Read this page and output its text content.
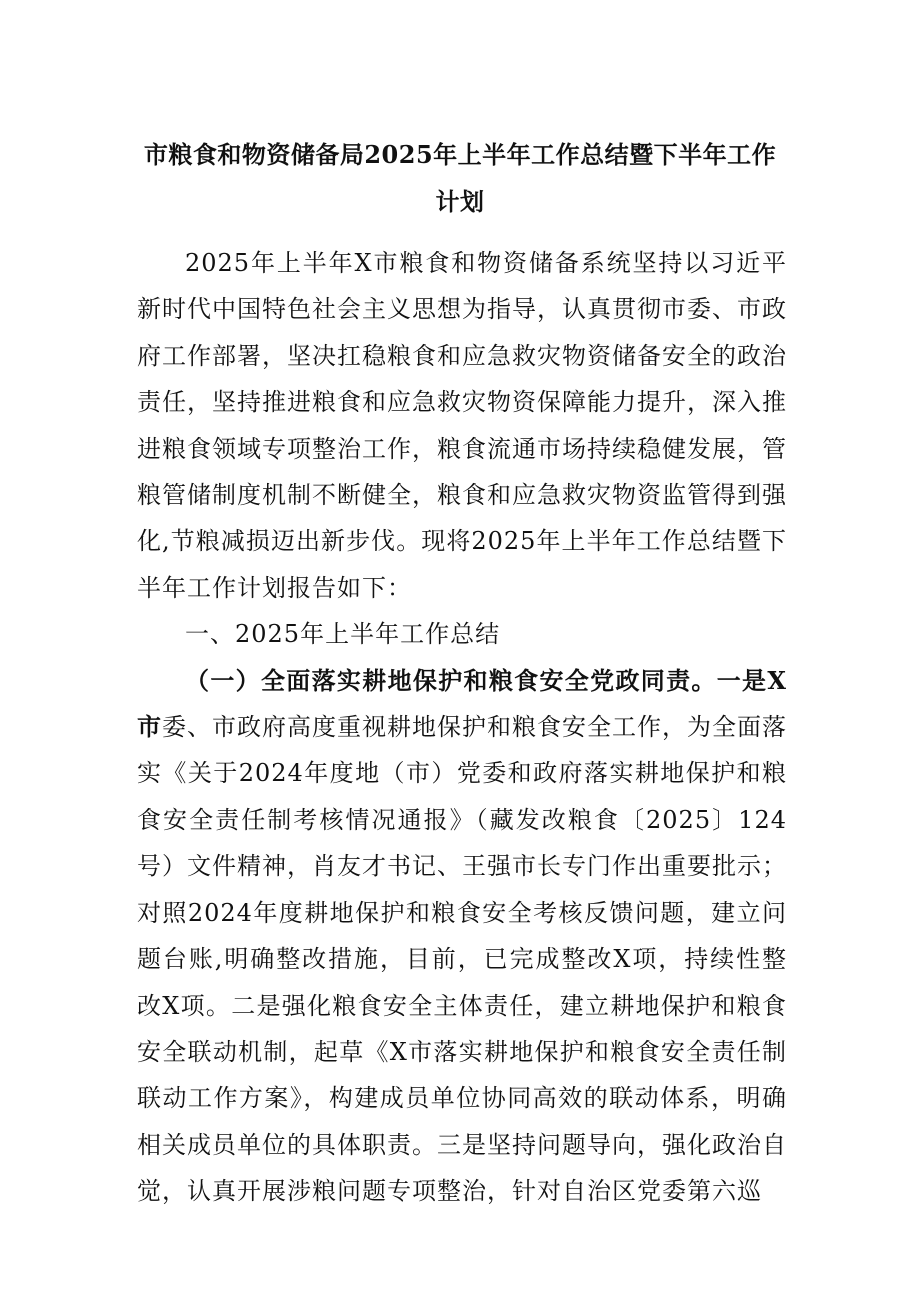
市粮食和物资储备局2025年上半年工作总结暨下半年工作
计划

2025年上半年X市粮食和物资储备系统坚持以习近平新时代中国特色社会主义思想为指导，认真贯彻市委、市政府工作部署，坚决扛稳粮食和应急救灾物资储备安全的政治责任，坚持推进粮食和应急救灾物资保障能力提升，深入推进粮食领域专项整治工作，粮食流通市场持续稳健发展，管粮管储制度机制不断健全，粮食和应急救灾物资监管得到强化,节粮减损迈出新步伐。现将2025年上半年工作总结暨下半年工作计划报告如下：

一、2025年上半年工作总结

（一）全面落实耕地保护和粮食安全党政同责。一是X市委、市政府高度重视耕地保护和粮食安全工作，为全面落实《关于2024年度地（市）党委和政府落实耕地保护和粮食安全责任制考核情况通报》（藏发改粮食〔2025〕124号）文件精神，肖友才书记、王强市长专门作出重要批示；对照2024年度耕地保护和粮食安全考核反馈问题，建立问题台账,明确整改措施，目前，已完成整改X项，持续性整改X项。二是强化粮食安全主体责任，建立耕地保护和粮食安全联动机制，起草《X市落实耕地保护和粮食安全责任制联动工作方案》，构建成员单位协同高效的联动体系，明确相关成员单位的具体职责。三是坚持问题导向，强化政治自觉，认真开展涉粮问题专项整治，针对自治区党委第六巡
